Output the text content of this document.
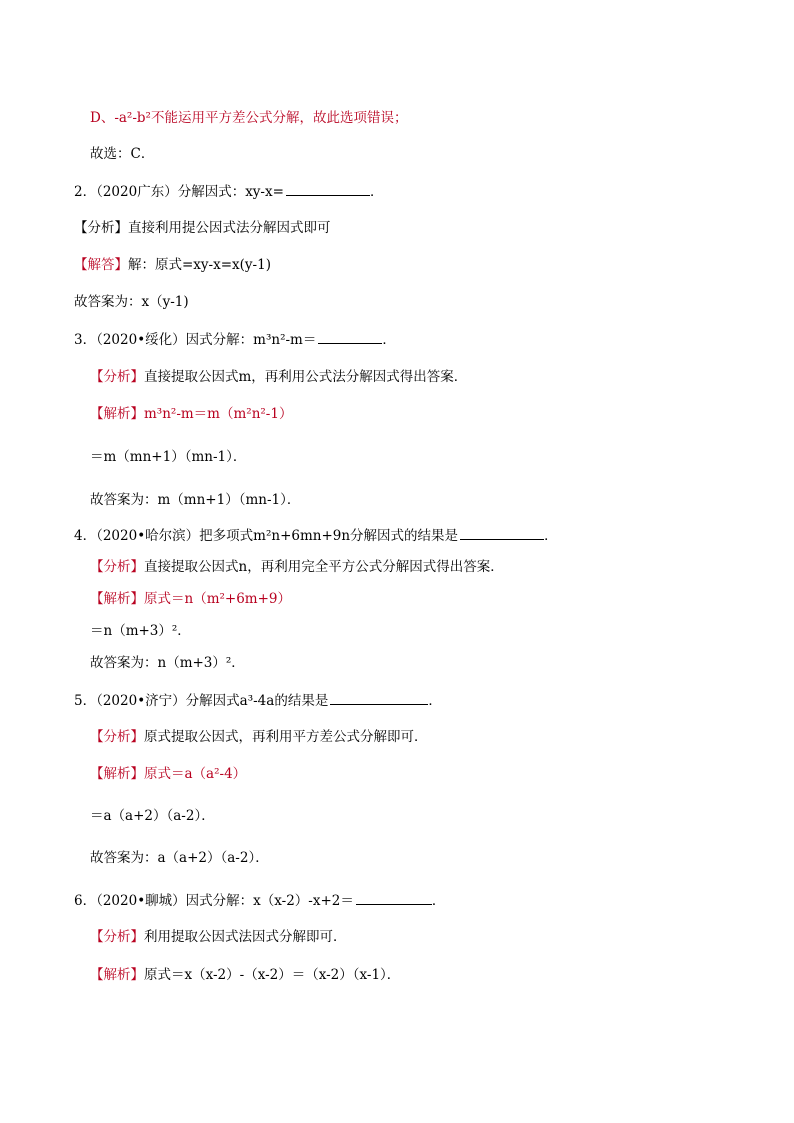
D、-a²-b²不能运用平方差公式分解，故此选项错误；
故选：C．
2．（2020广东）分解因式：xy-x=	．
【分析】直接利用提公因式法分解因式即可
【解答】解：原式=xy-x=x(y-1)
故答案为：x（y-1)
3．（2020•绥化）因式分解：m³n²-m＝	．
【分析】直接提取公因式m，再利用公式法分解因式得出答案．
【解析】m³n²-m＝m（m²n²-1）
＝m（mn+1）（mn-1）．
故答案为：m（mn+1）（mn-1）．
4．（2020•哈尔滨）把多项式m²n+6mn+9n分解因式的结果是	．
【分析】直接提取公因式n，再利用完全平方公式分解因式得出答案．
【解析】原式＝n（m²+6m+9）
＝n（m+3）²．
故答案为：n（m+3）²．
5．（2020•济宁）分解因式a³-4a的结果是	．
【分析】原式提取公因式，再利用平方差公式分解即可．
【解析】原式＝a（a²-4）
＝a（a+2）（a-2）．
故答案为：a（a+2）（a-2）．
6．（2020•聊城）因式分解：x（x-2）-x+2＝	．
【分析】利用提取公因式法因式分解即可．
【解析】原式＝x（x-2）-（x-2）＝（x-2）（x-1）．
